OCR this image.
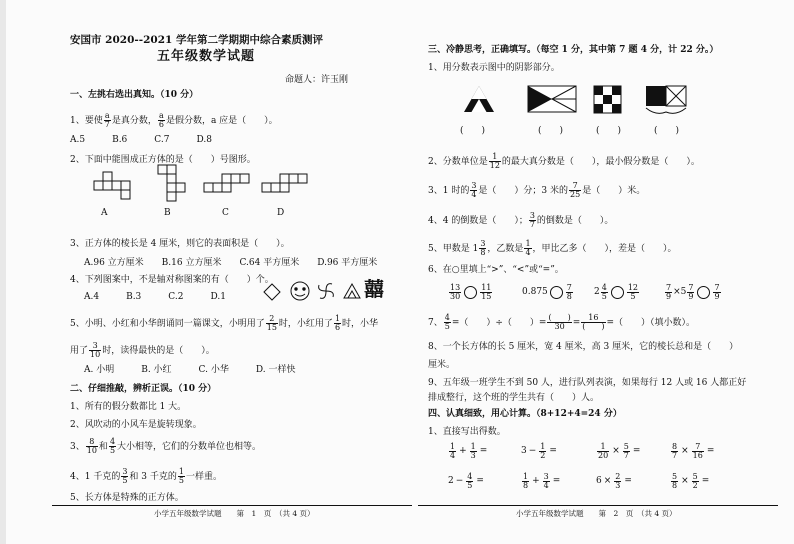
安国市 2020--2021 学年第二学期期中综合素质测评
五年级数学试题
命题人：许玉刚
一、左挑右选出真知。（10 分）
1、要使 $\frac{a}{7}$ 是真分数， $\frac{a}{6}$ 是假分数，a 应是（　　）。
A.5　　　B.6　　　C.7　　　D.8
2、下面中能围成正方体的是（　　）号图形。
A	B	C	D
3、正方体的棱长是 4 厘米，则它的表面积是（　　）。
A.96 立方厘米　　B.16 立方厘米　　C.64 平方厘米　　D.96 平方厘米
4、下列图案中，不是轴对称图案的有（　　）个。	囍
A.4　　　B.3　　　C.2　　　D.1
5、小明、小红和小华朗诵同一篇课文，小明用了 $\frac{2}{15}$ 时，小红用了 $\frac{1}{6}$ 时，小华
用了 $\frac{3}{10}$ 时，读得最快的是（　　）。
A. 小明　　　B. 小红　　　C. 小华　　　D. 一样快
二、仔细推敲，辨析正误。（10 分）
1、所有的假分数都比 1 大。
2、风吹动的小风车是旋转现象。
3、 $\frac{8}{10}$ 和 $\frac{4}{5}$ 大小相等，它们的分数单位也相等。
4、1 千克的 $\frac{3}{5}$ 和 3 千克的 $\frac{1}{5}$ 一样重。
5、长方体是特殊的正方体。
小学五年级数学试题　　第　1　页　（共 4 页）
三、冷静思考，正确填写。（每空 1 分，其中第 7 题 4 分，计 22 分。）
1、用分数表示图中的阴影部分。
(　　)	(　　)	(　　)	(　　)
2、分数单位是 $\frac{1}{12}$ 的最大真分数是（　　），最小假分数是（　　）。
3、1 时的 $\frac{3}{4}$ 是（　　）分；3 米的 $\frac{7}{25}$ 是（　　）米。
4、4 的倒数是（　　）； $\frac{3}{7}$ 的倒数是（　　）。
5、甲数是 $1 \frac{3}{8}$ ，乙数是 $\frac{1}{4}$ ，甲比乙多（　　），差是（　　）。
6、在○里填上“>”、“<”或“=”。
$\frac{13}{30} \frac{11}{15}$	$0.875 \frac{7}{8} 2 \frac{4}{5} \frac{12}{5}$	$\frac{7}{9} \times 5 \frac{7}{9} \frac{7}{9}$
7、 $\frac{4}{5}$ =（　　）÷（　　）= $\frac{( )}{30} = \frac{16}{( )}$ =（　　）（填小数）。
8、一个长方体的长 5 厘米，宽 4 厘米，高 3 厘米，它的棱长总和是（　　）
厘米。
9、五年级一班学生不到 50 人，进行队列表演，如果每行 12 人或 16 人都正好
排成整行，这个班的学生共有（　　）人。
四、认真细致，用心计算。（8+12+4=24 分）
1、直接写出得数。
$\frac{1}{4} + \frac{1}{3}$ =	$3 - \frac{1}{2}$ =	$\frac{1}{20} \times \frac{5}{7}$ =	$\frac{8}{7} \times \frac{7}{16}$ =
$2 - \frac{4}{5}$ =	$\frac{1}{8} + \frac{3}{4}$ =	$6 \times \frac{2}{3}$ =	$\frac{5}{8} \times \frac{5}{2}$ =
小学五年级数学试题　　第　2　页　（共 4 页）
